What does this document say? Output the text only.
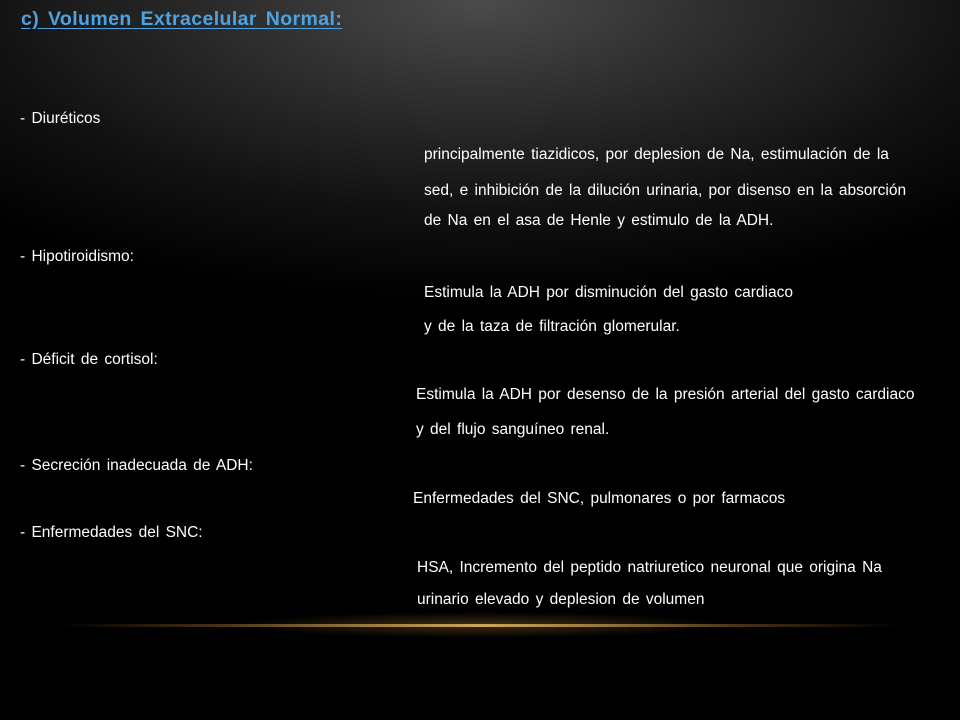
c) Volumen Extracelular Normal:

- Diuréticos

principalmente tiazidicos, por deplesion de Na, estimulación de la

sed, e inhibición de la dilución urinaria, por disenso en la absorción

de Na en el asa de Henle y estimulo de la ADH.

- Hipotiroidismo:

Estimula la ADH por disminución del gasto cardiaco

y de la taza de filtración glomerular.

- Déficit de cortisol:

Estimula la ADH por desenso de la presión arterial del gasto cardiaco

y del flujo sanguíneo renal.

- Secreción inadecuada de ADH:

Enfermedades del SNC, pulmonares o por farmacos

- Enfermedades del SNC:

HSA, Incremento del peptido natriuretico neuronal que origina Na

urinario elevado y deplesion de volumen
